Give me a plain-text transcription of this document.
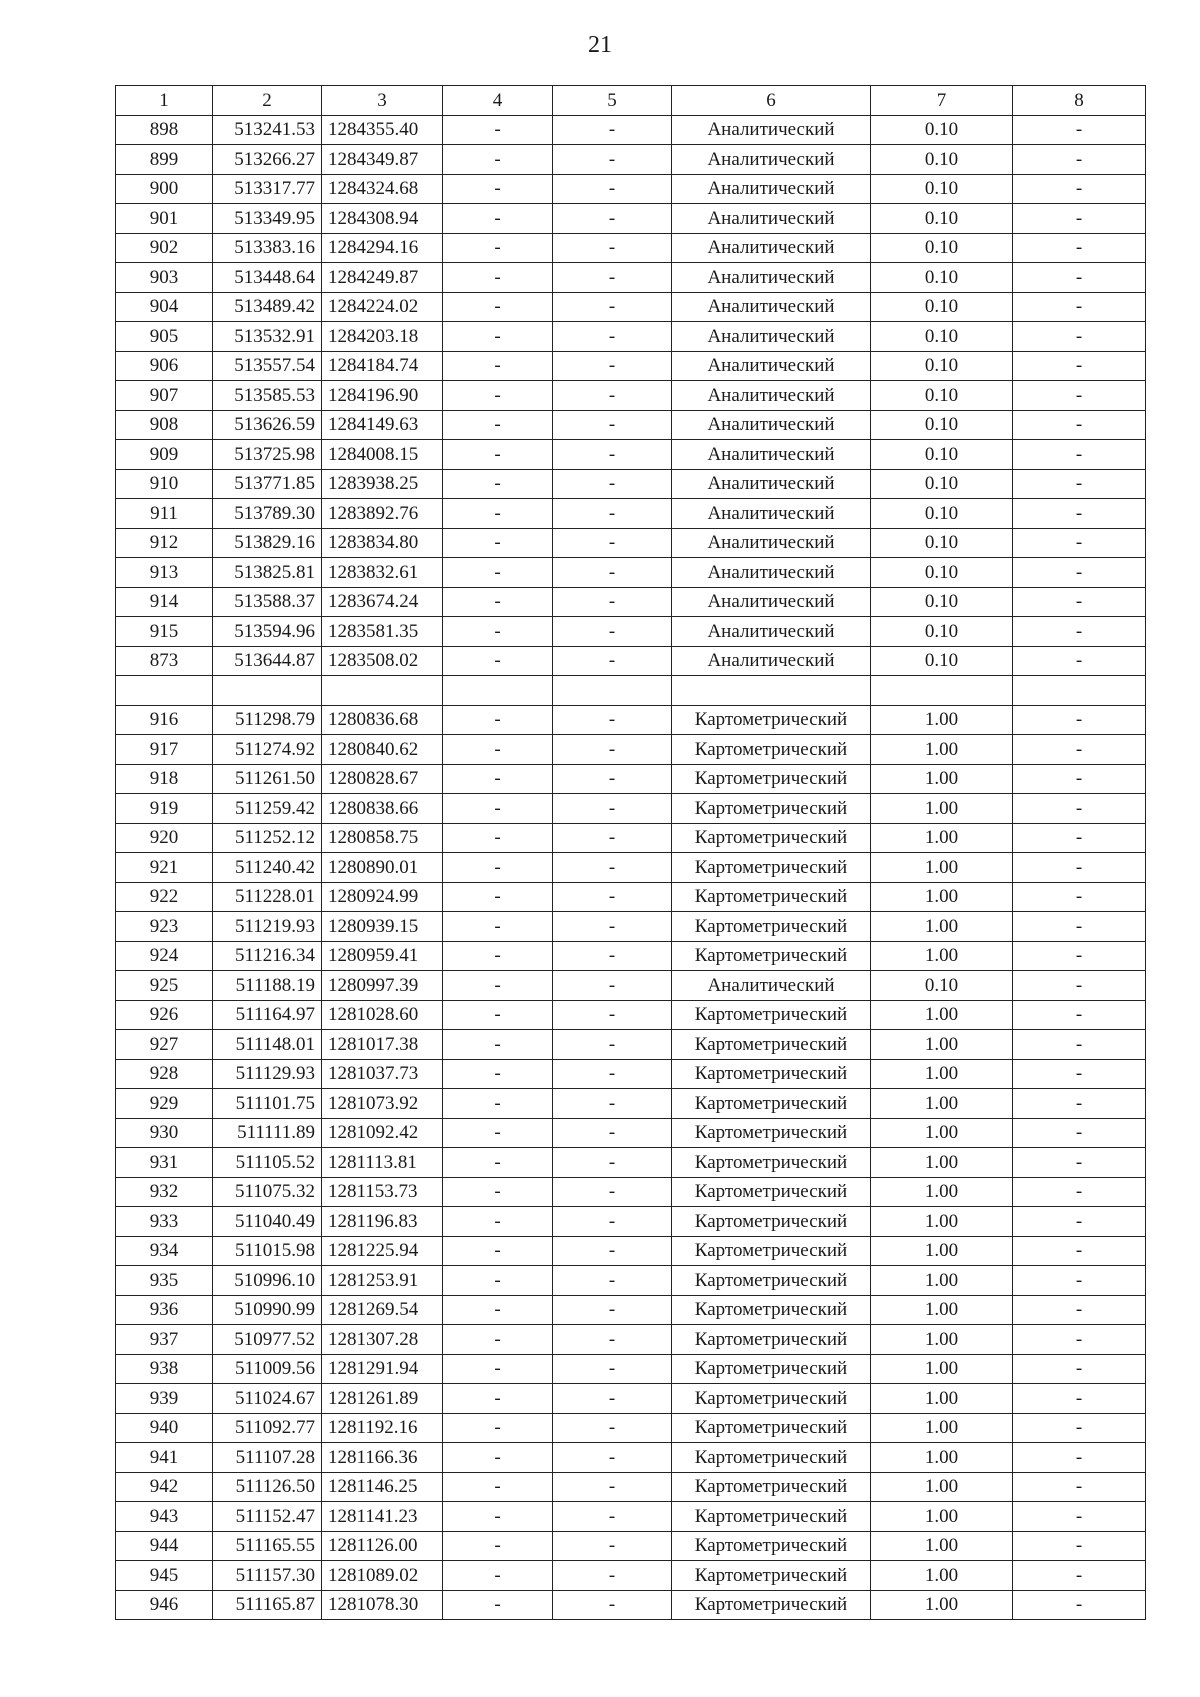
21
1	2	3	4	5	6	7	8
898	513241.53	1284355.40	-	-	Аналитический	0.10	-
899	513266.27	1284349.87	-	-	Аналитический	0.10	-
900	513317.77	1284324.68	-	-	Аналитический	0.10	-
901	513349.95	1284308.94	-	-	Аналитический	0.10	-
902	513383.16	1284294.16	-	-	Аналитический	0.10	-
903	513448.64	1284249.87	-	-	Аналитический	0.10	-
904	513489.42	1284224.02	-	-	Аналитический	0.10	-
905	513532.91	1284203.18	-	-	Аналитический	0.10	-
906	513557.54	1284184.74	-	-	Аналитический	0.10	-
907	513585.53	1284196.90	-	-	Аналитический	0.10	-
908	513626.59	1284149.63	-	-	Аналитический	0.10	-
909	513725.98	1284008.15	-	-	Аналитический	0.10	-
910	513771.85	1283938.25	-	-	Аналитический	0.10	-
911	513789.30	1283892.76	-	-	Аналитический	0.10	-
912	513829.16	1283834.80	-	-	Аналитический	0.10	-
913	513825.81	1283832.61	-	-	Аналитический	0.10	-
914	513588.37	1283674.24	-	-	Аналитический	0.10	-
915	513594.96	1283581.35	-	-	Аналитический	0.10	-
873	513644.87	1283508.02	-	-	Аналитический	0.10	-

916	511298.79	1280836.68	-	-	Картометрический	1.00	-
917	511274.92	1280840.62	-	-	Картометрический	1.00	-
918	511261.50	1280828.67	-	-	Картометрический	1.00	-
919	511259.42	1280838.66	-	-	Картометрический	1.00	-
920	511252.12	1280858.75	-	-	Картометрический	1.00	-
921	511240.42	1280890.01	-	-	Картометрический	1.00	-
922	511228.01	1280924.99	-	-	Картометрический	1.00	-
923	511219.93	1280939.15	-	-	Картометрический	1.00	-
924	511216.34	1280959.41	-	-	Картометрический	1.00	-
925	511188.19	1280997.39	-	-	Аналитический	0.10	-
926	511164.97	1281028.60	-	-	Картометрический	1.00	-
927	511148.01	1281017.38	-	-	Картометрический	1.00	-
928	511129.93	1281037.73	-	-	Картометрический	1.00	-
929	511101.75	1281073.92	-	-	Картометрический	1.00	-
930	511111.89	1281092.42	-	-	Картометрический	1.00	-
931	511105.52	1281113.81	-	-	Картометрический	1.00	-
932	511075.32	1281153.73	-	-	Картометрический	1.00	-
933	511040.49	1281196.83	-	-	Картометрический	1.00	-
934	511015.98	1281225.94	-	-	Картометрический	1.00	-
935	510996.10	1281253.91	-	-	Картометрический	1.00	-
936	510990.99	1281269.54	-	-	Картометрический	1.00	-
937	510977.52	1281307.28	-	-	Картометрический	1.00	-
938	511009.56	1281291.94	-	-	Картометрический	1.00	-
939	511024.67	1281261.89	-	-	Картометрический	1.00	-
940	511092.77	1281192.16	-	-	Картометрический	1.00	-
941	511107.28	1281166.36	-	-	Картометрический	1.00	-
942	511126.50	1281146.25	-	-	Картометрический	1.00	-
943	511152.47	1281141.23	-	-	Картометрический	1.00	-
944	511165.55	1281126.00	-	-	Картометрический	1.00	-
945	511157.30	1281089.02	-	-	Картометрический	1.00	-
946	511165.87	1281078.30	-	-	Картометрический	1.00	-
